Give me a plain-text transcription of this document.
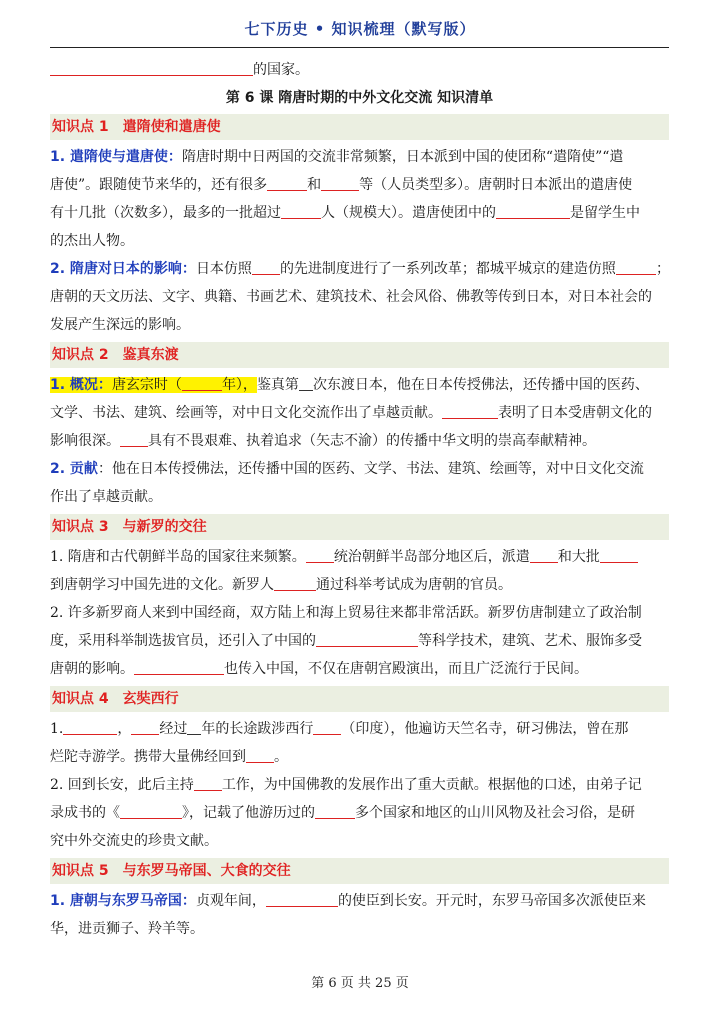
七下历史 • 知识梳理（默写版）
的国家。
第 6 课 隋唐时期的中外文化交流 知识清单
知识点 1 遣隋使和遣唐使
1. 遣隋使与遣唐使：隋唐时期中日两国的交流非常频繁，日本派到中国的使团称“遣隋使”“遣
唐使”。跟随使节来华的，还有很多	和	等（人员类型多）。唐朝时日本派出的遣唐使
有十几批（次数多），最多的一批超过	人（规模大）。遣唐使团中的	是留学生中
的杰出人物。
2. 隋唐对日本的影响：日本仿照 的先进制度进行了一系列改革；都城平城京的建造仿照	；
唐朝的天文历法、文字、典籍、书画艺术、建筑技术、社会风俗、佛教等传到日本，对日本社会的
发展产生深远的影响。
知识点 2 鉴真东渡
1. 概况：唐玄宗时（	年），鉴真第 次东渡日本，他在日本传授佛法，还传播中国的医药、
文学、书法、建筑、绘画等，对中日文化交流作出了卓越贡献。	表明了日本受唐朝文化的
影响很深。 具有不畏艰难、执着追求（矢志不渝）的传播中华文明的崇高奉献精神。
2. 贡献：他在日本传授佛法，还传播中国的医药、文学、书法、建筑、绘画等，对中日文化交流
作出了卓越贡献。
知识点 3 与新罗的交往
1. 隋唐和古代朝鲜半岛的国家往来频繁。 统治朝鲜半岛部分地区后，派遣 和大批
到唐朝学习中国先进的文化。新罗人	通过科举考试成为唐朝的官员。
2. 许多新罗商人来到中国经商，双方陆上和海上贸易往来都非常活跃。新罗仿唐制建立了政治制
度，采用科举制选拔官员，还引入了中国的	等科学技术，建筑、艺术、服饰多受
唐朝的影响。	也传入中国，不仅在唐朝宫殿演出，而且广泛流行于民间。
知识点 4 玄奘西行
1.	， 经过 年的长途跋涉西行 （印度），他遍访天竺名寺，研习佛法，曾在那
烂陀寺游学。携带大量佛经回到 。
2. 回到长安，此后主持 工作，为中国佛教的发展作出了重大贡献。根据他的口述，由弟子记
录成书的《	》，记载了他游历过的	多个国家和地区的山川风物及社会习俗，是研
究中外交流史的珍贵文献。
知识点 5 与东罗马帝国、大食的交往
1. 唐朝与东罗马帝国：贞观年间，	的使臣到长安。开元时，东罗马帝国多次派使臣来
华，进贡狮子、羚羊等。
第 6 页 共 25 页
